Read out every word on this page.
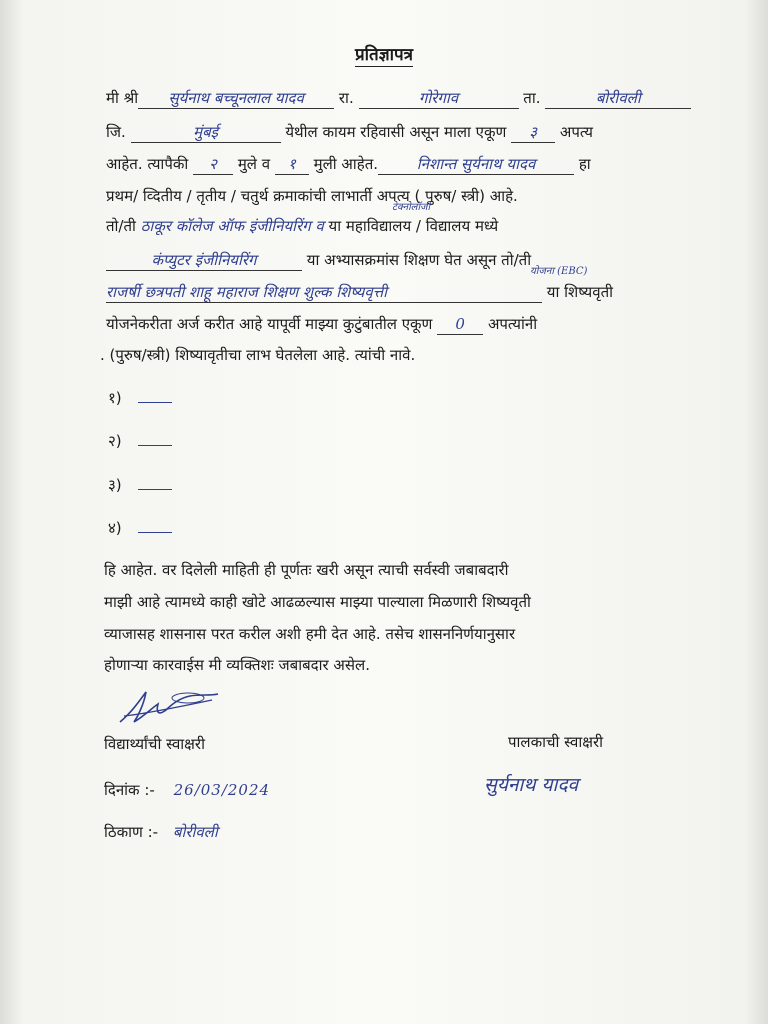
प्रतिज्ञापत्र
मी श्री सुर्यनाथ बच्चूनलाल यादव रा.	गोरेगाव	ता.	बोरीवली
जि.	मुंबई	येथील कायम रहिवासी असून माला एकूण ३ अपत्य
आहेत. त्यापैकी २ मुले व १ मुली आहेत.	निशान्त सुर्यनाथ यादव	हा
प्रथम/ व्दितीय / तृतीय / चतुर्थ क्रमाकांची लाभार्ती अपत्य ( पुरुष/ स्त्री) आहे.
टेक्नोलॉजी
तो/ती ठाकूर कॉलेज ऑफ इंजीनियरिंग व या महाविद्यालय / विद्यालय मध्ये
कंप्युटर इंजीनियरिंग	या अभ्यासक्रमांस शिक्षण घेत असून तो/ती
योजना (EBC)
राजर्षी छत्रपती शाहू महाराज शिक्षण शुल्क शिष्यवृत्ती	या शिष्यवृती
योजनेकरीता अर्ज करीत आहे यापूर्वी माझ्या कुटुंबातील एकूण 0 अपत्यांनी
. (पुरुष/स्त्री) शिष्यावृतीचा लाभ घेतलेला आहे. त्यांची नावे.
१)
२)
३)
४)
हि आहेत. वर दिलेली माहिती ही पूर्णतः खरी असून त्याची सर्वस्वी जबाबदारी
माझी आहे त्यामध्ये काही खोटे आढळल्यास माझ्या पाल्याला मिळणारी शिष्यवृती
व्याजासह शासनास परत करील अशी हमी देत आहे. तसेच शासननिर्णयानुसार
होणाऱ्या कारवाईस मी व्यक्तिशः जबाबदार असेल.
विद्यार्थ्यांची स्वाक्षरी	पालकाची स्वाक्षरी
दिनांक :- 26/03/2024	सुर्यनाथ यादव
ठिकाण :- बोरीवली
